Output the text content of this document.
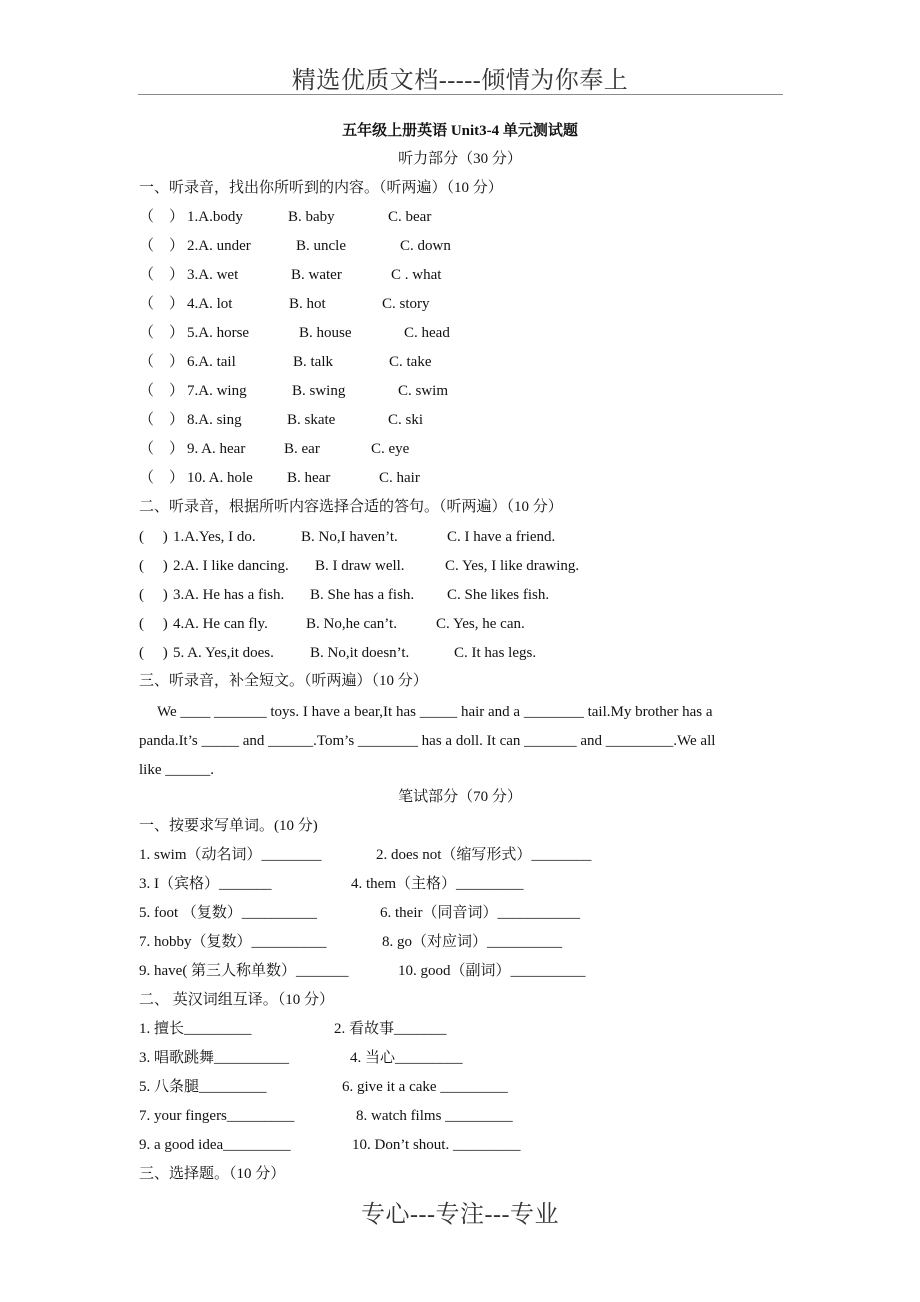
精选优质文档-----倾情为你奉上
五年级上册英语 Unit3-4 单元测试题
听力部分（30 分）
一、听录音，找出你所听到的内容。（听两遍）（10 分）
（　） 1.A.body	B. baby	C. bear
（　） 2.A. under	B. uncle	C. down
（　） 3.A. wet	B. water	C . what
（　） 4.A. lot	B. hot	C. story
（　） 5.A. horse	B. house	C. head
（　） 6.A. tail	B. talk	C. take
（　） 7.A. wing	B. swing	C. swim
（　） 8.A. sing	B. skate	C. ski
（　） 9. A. hear	B. ear	C. eye
（　） 10. A. hole B. hear	C. hair
二、听录音，根据所听内容选择合适的答句。（听两遍）（10 分）
(　 ) 1.A.Yes, I do.	B. No,I haven’t.	C. I have a friend.
(　 ) 2.A. I like dancing. B. I draw well.	C. Yes, I like drawing.
(　 ) 3.A. He has a fish. B. She has a fish. C. She likes fish.
(　 ) 4.A. He can fly.	B. No,he can’t.	C. Yes, he can.
(　 ) 5. A. Yes,it does. B. No,it doesn’t.	C. It has legs.
三、听录音，补全短文。（听两遍）（10 分）
We ____ _______ toys. I have a bear,It has _____ hair and a ________ tail.My brother has a
panda.It’s _____ and ______.Tom’s ________ has a doll. It can _______ and _________.We all
like ______.
笔试部分（70 分）
一、按要求写单词。(10 分)
1. swim（动名词）________	2. does not（缩写形式）________
3. I（宾格）_______	4. them（主格）_________
5. foot （复数）__________	6. their（同音词）___________
7. hobby（复数）__________	8. go（对应词）__________
9. have( 第三人称单数）_______	10. good（副词）__________
二、 英汉词组互译。（10 分）
1. 擅长_________	2. 看故事_______
3. 唱歌跳舞__________	4. 当心_________
5. 八条腿_________	6. give it a cake _________
7. your fingers_________	8. watch films _________
9. a good idea_________	10. Don’t shout. _________
三、选择题。（10 分）
专心---专注---专业
